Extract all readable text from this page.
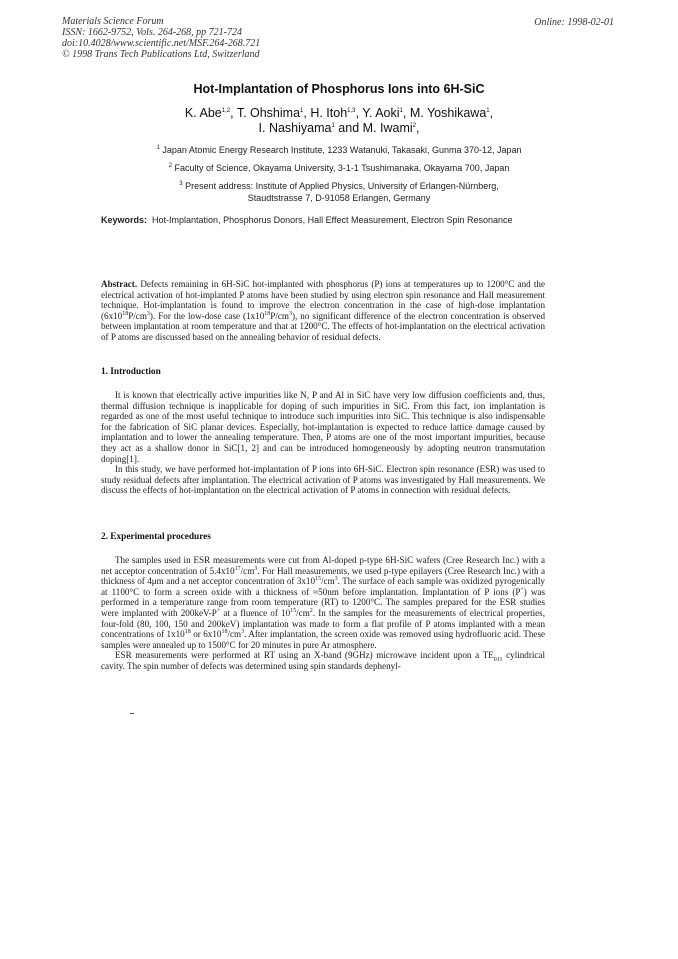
Materials Science Forum
ISSN: 1662-9752, Vols. 264-268, pp 721-724
doi:10.4028/www.scientific.net/MSF.264-268.721
© 1998 Trans Tech Publications Ltd, Switzerland
Online: 1998-02-01
Hot-Implantation of Phosphorus Ions into 6H-SiC
K. Abe$^{1,2}$, T. Ohshima$^1$, H. Itoh$^{1,3}$, Y. Aoki$^1$, M. Yoshikawa$^1$,
I. Nashiyama$^1$ and M. Iwami$^2$,
$^1$ Japan Atomic Energy Research Institute, 1233 Watanuki, Takasaki, Gunma 370-12, Japan
$^2$ Faculty of Science, Okayama University, 3-1-1 Tsushimanaka, Okayama 700, Japan
$^3$ Present address: Institute of Applied Physics, University of Erlangen-Nürnberg,
Staudtstrasse 7, D-91058 Erlangen, Germany
Keywords: Hot-Implantation, Phosphorus Donors, Hall Effect Measurement, Electron Spin Resonance

Abstract. Defects remaining in 6H-SiC hot-implanted with phosphorus (P) ions at temperatures up to 1200°C and the electrical activation of hot-implanted P atoms have been studied by using electron spin resonance and Hall measurement technique. Hot-implantation is found to improve the electron concentration in the case of high-dose implantation $(6x10^{18}P/cm^3)$. For the low-dose case $(1x10^{18}P/cm^3)$, no significant difference of the electron concentration is observed between implantation at room temperature and that at 1200°C. The effects of hot-implantation on the electrical activation of P atoms are discussed based on the annealing behavior of residual defects.

1. Introduction

It is known that electrically active impurities like N, P and Al in SiC have very low diffusion coefficients and, thus, thermal diffusion technique is inapplicable for doping of such impurities in SiC. From this fact, ion implantation is regarded as one of the most useful technique to introduce such impurities into SiC. This technique is also indispensable for the fabrication of SiC planar devices. Especially, hot-implantation is expected to reduce lattice damage caused by implantation and to lower the annealing temperature. Then, P atoms are one of the most important impurities, because they act as a shallow donor in SiC[1, 2] and can be introduced homogeneously by adopting neutron transmutation doping[1].

In this study, we have performed hot-implantation of P ions into 6H-SiC. Electron spin resonance (ESR) was used to study residual defects after implantation. The electrical activation of P atoms was investigated by Hall measurements. We discuss the effects of hot-implantation on the electrical activation of P atoms in connection with residual defects.

2. Experimental procedures

The samples used in ESR measurements were cut from Al-doped p-type 6H-SiC wafers (Cree Research Inc.) with a net acceptor concentration of $5.4x10^{17}/cm^3$. For Hall measurements, we used p-type epilayers (Cree Research Inc.) with a thickness of 4μm and a net acceptor concentration of $3x10^{15}/cm^3$. The surface of each sample was oxidized pyrogenically at 1100°C to form a screen oxide with a thickness of ≈50nm before implantation. Implantation of P ions (P+) was performed in a temperature range from room temperature (RT) to 1200°C. The samples prepared for the ESR studies were implanted with 200keV-P+ at a fluence of $10^{15}/cm^2$. In the samples for the measurements of electrical properties, four-fold (80, 100, 150 and 200keV) implantation was made to form a flat profile of P atoms implanted with a mean concentrations of $1x10^{18}$ or $6x10^{18}/cm^3$. After implantation, the screen oxide was removed using hydrofluoric acid. These samples were annealed up to 1500°C for 20 minutes in pure Ar atmosphere.

ESR measurements were performed at RT using an X-band (9GHz) microwave incident upon a $TE_{011}$ cylindrical cavity. The spin number of defects was determined using spin standards dephenyl-
